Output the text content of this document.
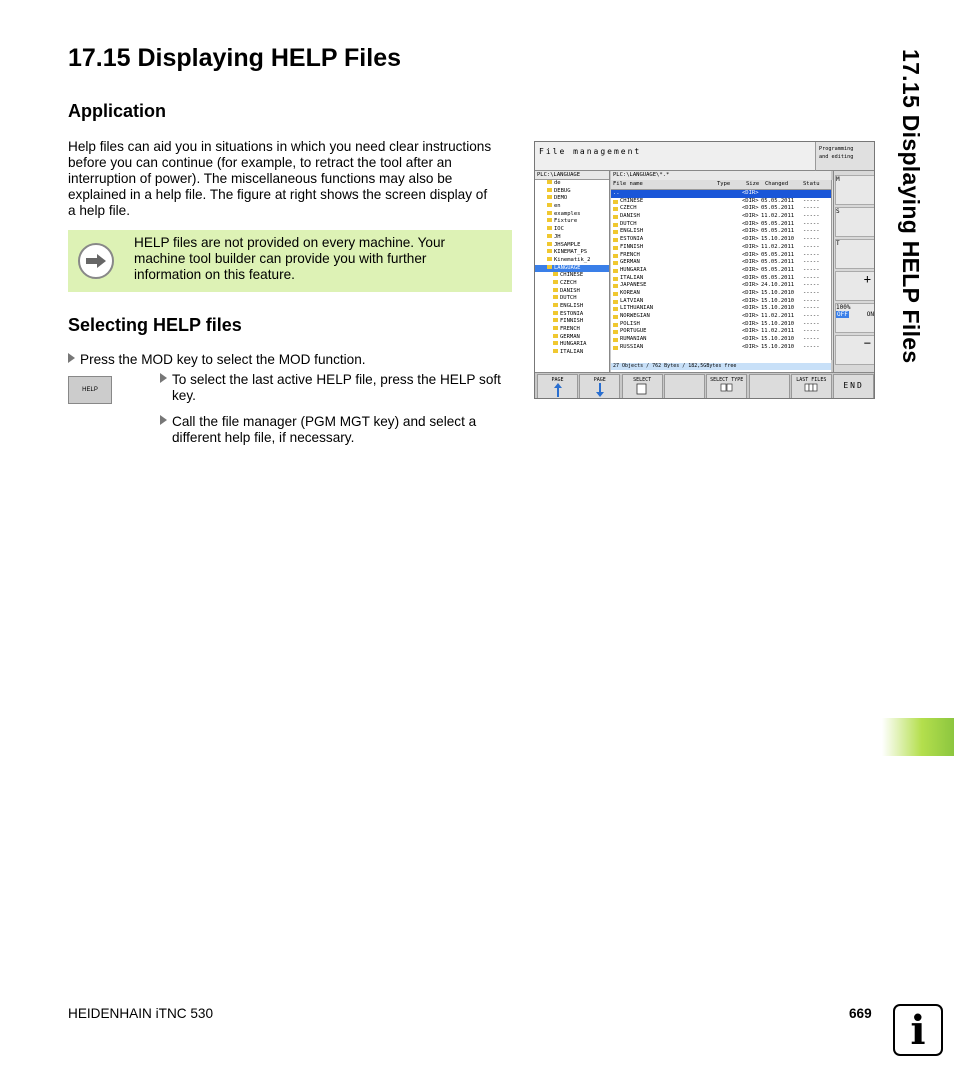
17.15 Displaying HELP Files
Application
Help files can aid you in situations in which you need clear instructions
before you can continue (for example, to retract the tool after an
interruption of power). The miscellaneous functions may also be
explained in a help file. The figure at right shows the screen display of
a help file.
HELP files are not provided on every machine. Your
machine tool builder can provide you with further
information on this feature.
Selecting HELP files
Press the MOD key to select the MOD function.
HELP
To select the last active HELP file, press the HELP soft
key.
Call the file manager (PGM MGT key) and select a
different help file, if necessary.
File management	Programming
and editing
PLC:\LANGUAGE
de
DEBUG
DEMO
en
examples
Fixture
IOC
JH
JHSAMPLE
KINEMAT_PS
Kinematik_2
LANGUAGE
CHINESE
CZECH
DANISH
DUTCH
ENGLISH
ESTONIA
FINNISH
FRENCH
GERMAN
HUNGARIA
ITALIAN
PLC:\LANGUAGE\*.*
File name	Type	Size Changed	Statu
..	<DIR>
CHINESE	<DIR> 05.05.2011 -----
CZECH	<DIR> 05.05.2011 -----
DANISH	<DIR> 11.02.2011 -----
DUTCH	<DIR> 05.05.2011 -----
ENGLISH	<DIR> 05.05.2011 -----
ESTONIA	<DIR> 15.10.2010 -----
FINNISH	<DIR> 11.02.2011 -----
FRENCH	<DIR> 05.05.2011 -----
GERMAN	<DIR> 05.05.2011 -----
HUNGARIA	<DIR> 05.05.2011 -----
ITALIAN	<DIR> 05.05.2011 -----
JAPANESE	<DIR> 24.10.2011 -----
KOREAN	<DIR> 15.10.2010 -----
LATVIAN	<DIR> 15.10.2010 -----
LITHUANIAN	<DIR> 15.10.2010 -----
NORWEGIAN	<DIR> 11.02.2011 -----
POLISH	<DIR> 15.10.2010 -----
PORTUGUE	<DIR> 11.02.2011 -----
RUMANIAN	<DIR> 15.10.2010 -----
RUSSIAN	<DIR> 15.10.2010 -----
27 Objects / 762 Bytes / 182,5GBytes free
M
S
T
+
100%
OFF	ON
−
PAGE	PAGE	SELECT	SELECT TYPE	LAST FILES
END
17.15 Displaying HELP Files
HEIDENHAIN iTNC 530	669 i
